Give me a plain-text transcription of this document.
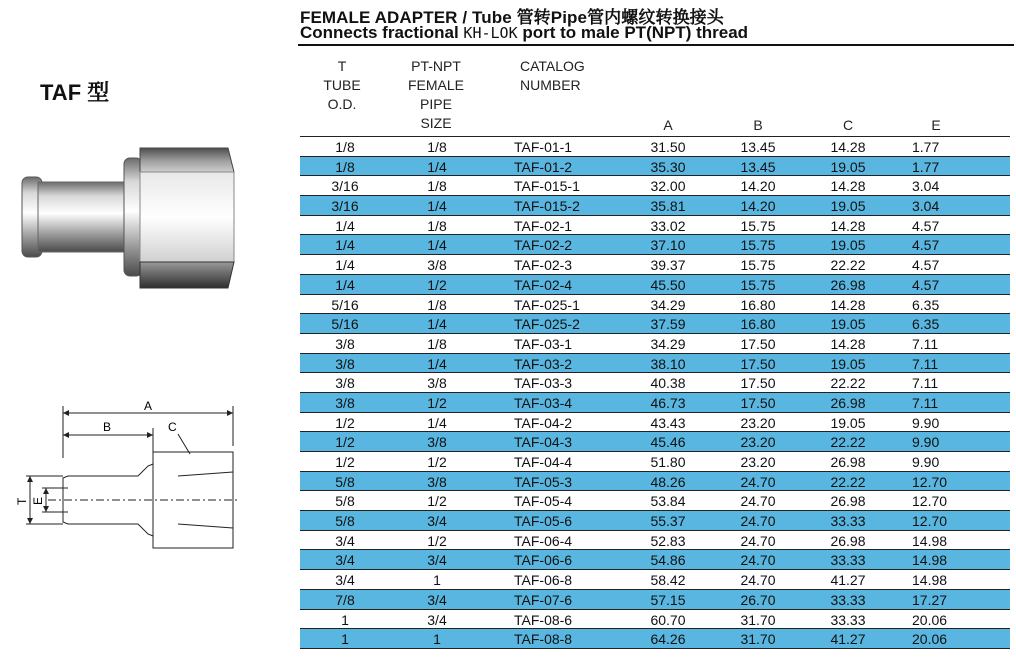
FEMALE ADAPTER / Tube 管转Pipe管内螺纹转换接头
Connects fractional KH-LOK port to male PT(NPT) thread
TAF 型
A
B	C
T E
T
TUBE
O.D.
PT-NPT
FEMALE
PIPE
SIZE
CATALOG
NUMBER
A	B	C	E
1/8	1/8	TAF-01-1	31.50	13.45	14.28	1.77
1/8	1/4	TAF-01-2	35.30	13.45	19.05	1.77
3/16	1/8	TAF-015-1	32.00	14.20	14.28	3.04
3/16	1/4	TAF-015-2	35.81	14.20	19.05	3.04
1/4	1/8	TAF-02-1	33.02	15.75	14.28	4.57
1/4	1/4	TAF-02-2	37.10	15.75	19.05	4.57
1/4	3/8	TAF-02-3	39.37	15.75	22.22	4.57
1/4	1/2	TAF-02-4	45.50	15.75	26.98	4.57
5/16	1/8	TAF-025-1	34.29	16.80	14.28	6.35
5/16	1/4	TAF-025-2	37.59	16.80	19.05	6.35
3/8	1/8	TAF-03-1	34.29	17.50	14.28	7.11
3/8	1/4	TAF-03-2	38.10	17.50	19.05	7.11
3/8	3/8	TAF-03-3	40.38	17.50	22.22	7.11
3/8	1/2	TAF-03-4	46.73	17.50	26.98	7.11
1/2	1/4	TAF-04-2	43.43	23.20	19.05	9.90
1/2	3/8	TAF-04-3	45.46	23.20	22.22	9.90
1/2	1/2	TAF-04-4	51.80	23.20	26.98	9.90
5/8	3/8	TAF-05-3	48.26	24.70	22.22	12.70
5/8	1/2	TAF-05-4	53.84	24.70	26.98	12.70
5/8	3/4	TAF-05-6	55.37	24.70	33.33	12.70
3/4	1/2	TAF-06-4	52.83	24.70	26.98	14.98
3/4	3/4	TAF-06-6	54.86	24.70	33.33	14.98
3/4	1	TAF-06-8	58.42	24.70	41.27	14.98
7/8	3/4	TAF-07-6	57.15	26.70	33.33	17.27
1	3/4	TAF-08-6	60.70	31.70	33.33	20.06
1	1	TAF-08-8	64.26	31.70	41.27	20.06
